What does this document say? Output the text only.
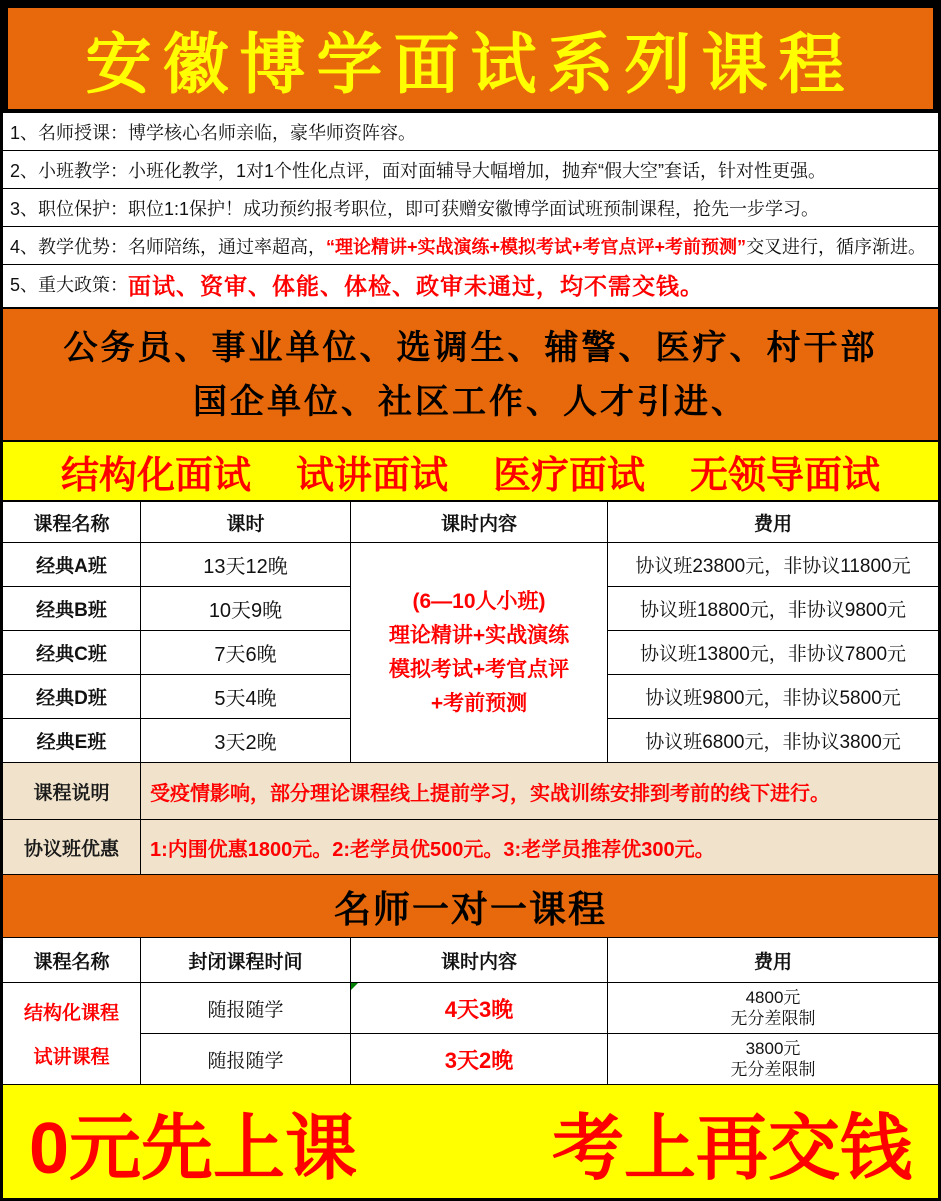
安徽博学面试系列课程
1、名师授课：博学核心名师亲临，豪华师资阵容。
2、小班教学：小班化教学，1对1个性化点评，面对面辅导大幅增加，抛弃“假大空”套话，针对性更强。
3、职位保护：职位1:1保护！成功预约报考职位，即可获赠安徽博学面试班预制课程，抢先一步学习。
4、教学优势：名师陪练，通过率超高， “理论精讲+实战演练+模拟考试+考官点评+考前预测” 交叉进行，循序渐进。
5、重大政策： 面试、资审、体能、体检、政审未通过，均不需交钱。
公务员、事业单位、选调生、辅警、医疗、村干部
国企单位、社区工作、人才引进、
结构化面试 试讲面试 医疗面试 无领导面试
课程名称	课时	课时内容	费用
经典A班	13天12晚	协议班23800元，非协议11800元
经典B班	10天9晚	协议班18800元，非协议9800元
经典C班	7天6晚	协议班13800元，非协议7800元
经典D班	5天4晚	协议班9800元，非协议5800元
经典E班	3天2晚	协议班6800元，非协议3800元
(6—10人小班)
理论精讲+实战演练
模拟考试+考官点评
+考前预测
课程说明	受疫情影响，部分理论课程线上提前学习，实战训练安排到考前的线下进行。
协议班优惠	1:内围优惠1800元。2:老学员优500元。3:老学员推荐优300元。
名师一对一课程
课程名称	封闭课程时间	课时内容	费用
结构化课程
试讲课程
随报随学	4天3晚	4800元
无分差限制
随报随学	3天2晚	3800元
无分差限制
0元先上课	考上再交钱
